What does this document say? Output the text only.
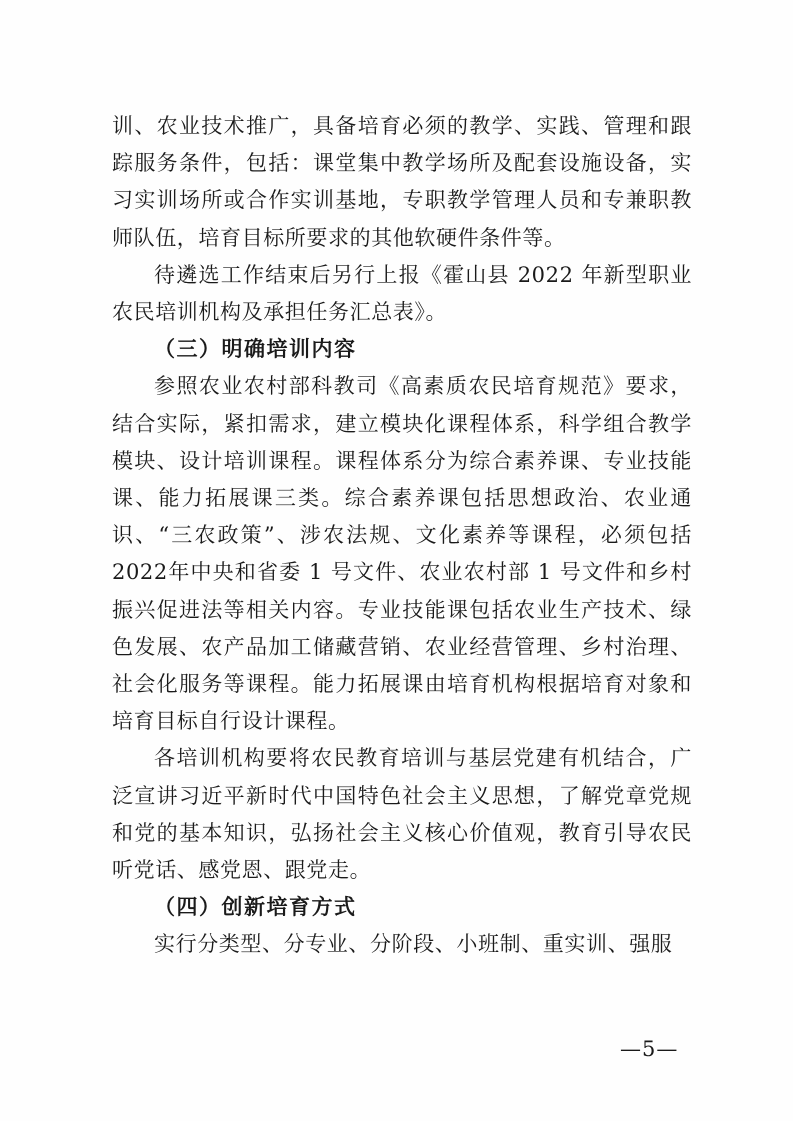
训、农业技术推广，具备培育必须的教学、实践、管理和跟踪服务条件，包括：课堂集中教学场所及配套设施设备，实习实训场所或合作实训基地，专职教学管理人员和专兼职教师队伍，培育目标所要求的其他软硬件条件等。

待遴选工作结束后另行上报《霍山县 2022 年新型职业农民培训机构及承担任务汇总表》。

（三）明确培训内容

参照农业农村部科教司《高素质农民培育规范》要求，结合实际，紧扣需求，建立模块化课程体系，科学组合教学模块、设计培训课程。课程体系分为综合素养课、专业技能课、能力拓展课三类。综合素养课包括思想政治、农业通识、“三农政策”、涉农法规、文化素养等课程，必须包括 2022年中央和省委 1 号文件、农业农村部 1 号文件和乡村振兴促进法等相关内容。专业技能课包括农业生产技术、绿色发展、农产品加工储藏营销、农业经营管理、乡村治理、社会化服务等课程。能力拓展课由培育机构根据培育对象和培育目标自行设计课程。

各培训机构要将农民教育培训与基层党建有机结合，广泛宣讲习近平新时代中国特色社会主义思想，了解党章党规和党的基本知识，弘扬社会主义核心价值观，教育引导农民听党话、感党恩、跟党走。

（四）创新培育方式

实行分类型、分专业、分阶段、小班制、重实训、强服

—5—
